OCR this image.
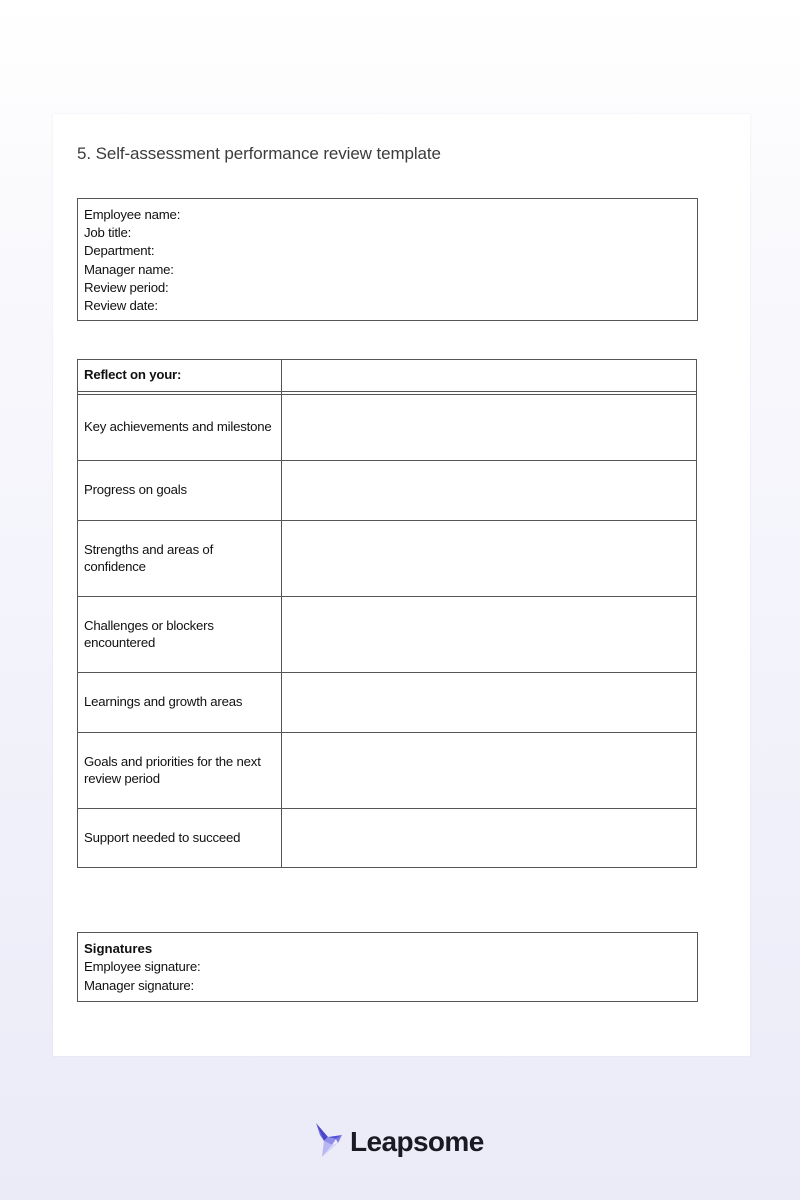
5. Self-assessment performance review template
Employee name:
Job title:
Department:
Manager name:
Review period:
Review date:
Reflect on your:	

Key achievements and milestone	
Progress on goals	
Strengths and areas of confidence	
Challenges or blockers encountered	
Learnings and growth areas	
Goals and priorities for the next review period	
Support needed to succeed	
Signatures
Employee signature:
Manager signature:
Leapsome
